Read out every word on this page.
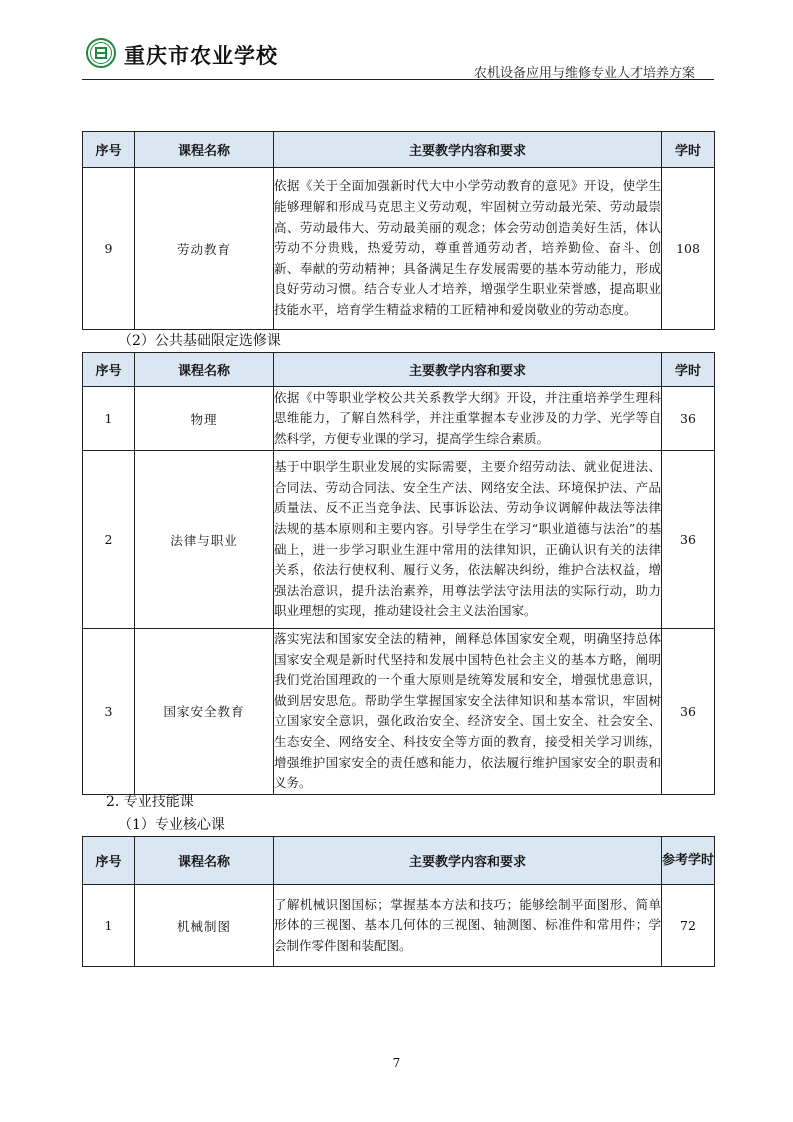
重庆市农业学校
农机设备应用与维修专业人才培养方案
序号	课程名称	主要教学内容和要求	学时
9	劳动教育	依据《关于全面加强新时代大中小学劳动教育的意见》开设，使学生能够理解和形成马克思主义劳动观，牢固树立劳动最光荣、劳动最崇高、劳动最伟大、劳动最美丽的观念；体会劳动创造美好生活，体认劳动不分贵贱，热爱劳动，尊重普通劳动者，培养勤俭、奋斗、创新、奉献的劳动精神；具备满足生存发展需要的基本劳动能力，形成良好劳动习惯。结合专业人才培养，增强学生职业荣誉感，提高职业技能水平，培育学生精益求精的工匠精神和爱岗敬业的劳动态度。	108
（2）公共基础限定选修课
序号	课程名称	主要教学内容和要求	学时
1	物理	依据《中等职业学校公共关系教学大纲》开设，并注重培养学生理科思维能力，了解自然科学，并注重掌握本专业涉及的力学、光学等自然科学，方便专业课的学习，提高学生综合素质。	36
2	法律与职业	基于中职学生职业发展的实际需要，主要介绍劳动法、就业促进法、合同法、劳动合同法、安全生产法、网络安全法、环境保护法、产品质量法、反不正当竞争法、民事诉讼法、劳动争议调解仲裁法等法律法规的基本原则和主要内容。引导学生在学习“职业道德与法治”的基础上，进一步学习职业生涯中常用的法律知识，正确认识有关的法律关系，依法行使权利、履行义务，依法解决纠纷，维护合法权益，增强法治意识，提升法治素养，用尊法学法守法用法的实际行动，助力职业理想的实现，推动建设社会主义法治国家。	36
3	国家安全教育	落实宪法和国家安全法的精神，阐释总体国家安全观，明确坚持总体国家安全观是新时代坚持和发展中国特色社会主义的基本方略，阐明我们党治国理政的一个重大原则是统筹发展和安全，增强忧患意识，做到居安思危。帮助学生掌握国家安全法律知识和基本常识，牢固树立国家安全意识，强化政治安全、经济安全、国土安全、社会安全、生态安全、网络安全、科技安全等方面的教育，接受相关学习训练，增强维护国家安全的责任感和能力，依法履行维护国家安全的职责和义务。	36
2. 专业技能课
（1）专业核心课
序号	课程名称	主要教学内容和要求	参考学时
1	机械制图	了解机械识图国标；掌握基本方法和技巧；能够绘制平面图形、简单形体的三视图、基本几何体的三视图、轴测图、标准件和常用件；学会制作零件图和装配图。	72
7
